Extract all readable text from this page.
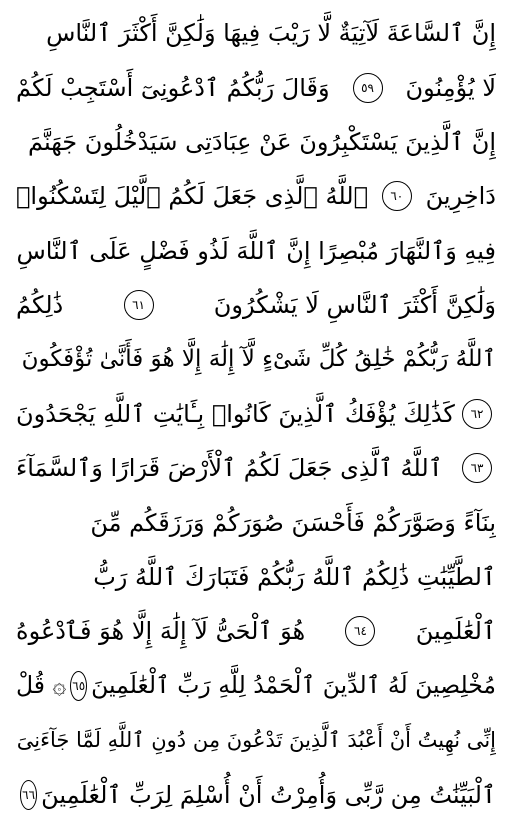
إِنَّ ٱلسَّاعَةَ لَآتِيَةٌ لَّا رَيْبَ فِيهَا وَلَٰكِنَّ أَكْثَرَ ٱلنَّاسِ
لَا يُؤْمِنُونَ
٥٩
وَقَالَ رَبُّكُمُ ٱدْعُونِىٓ أَسْتَجِبْ لَكُمْ
إِنَّ ٱلَّذِينَ يَسْتَكْبِرُونَ عَنْ عِبَادَتِى سَيَدْخُلُونَ جَهَنَّمَ
دَاخِرِينَ
٦٠
ٱللَّهُ ٱلَّذِى جَعَلَ لَكُمُ ٱلَّيْلَ لِتَسْكُنُوا۟
فِيهِ وَٱلنَّهَارَ مُبْصِرًا إِنَّ ٱللَّهَ لَذُو فَضْلٍ عَلَى ٱلنَّاسِ
وَلَٰكِنَّ أَكْثَرَ ٱلنَّاسِ لَا يَشْكُرُونَ
٦١
ذَٰلِكُمُ
ٱللَّهُ رَبُّكُمْ خَٰلِقُ كُلِّ شَىْءٍ لَّآ إِلَٰهَ إِلَّا هُوَ فَأَنَّىٰ تُؤْفَكُونَ
٦٢
كَذَٰلِكَ يُؤْفَكُ ٱلَّذِينَ كَانُوا۟ بِـَٔايَٰتِ ٱللَّهِ يَجْحَدُونَ
٦٣
ٱللَّهُ ٱلَّذِى جَعَلَ لَكُمُ ٱلْأَرْضَ قَرَارًا وَٱلسَّمَآءَ
بِنَآءً وَصَوَّرَكُمْ فَأَحْسَنَ صُوَرَكُمْ وَرَزَقَكُم مِّنَ
ٱلطَّيِّبَٰتِ ذَٰلِكُمُ ٱللَّهُ رَبُّكُمْ فَتَبَارَكَ ٱللَّهُ رَبُّ
ٱلْعَٰلَمِينَ
٦٤
هُوَ ٱلْحَىُّ لَآ إِلَٰهَ إِلَّا هُوَ فَٱدْعُوهُ
مُخْلِصِينَ لَهُ ٱلدِّينَ ٱلْحَمْدُ لِلَّهِ رَبِّ ٱلْعَٰلَمِينَ
٦٥
۞ قُلْ
إِنِّى نُهِيتُ أَنْ أَعْبُدَ ٱلَّذِينَ تَدْعُونَ مِن دُونِ ٱللَّهِ لَمَّا جَآءَنِىَ
ٱلْبَيِّنَٰتُ مِن رَّبِّى وَأُمِرْتُ أَنْ أُسْلِمَ لِرَبِّ ٱلْعَٰلَمِينَ
٦٦
